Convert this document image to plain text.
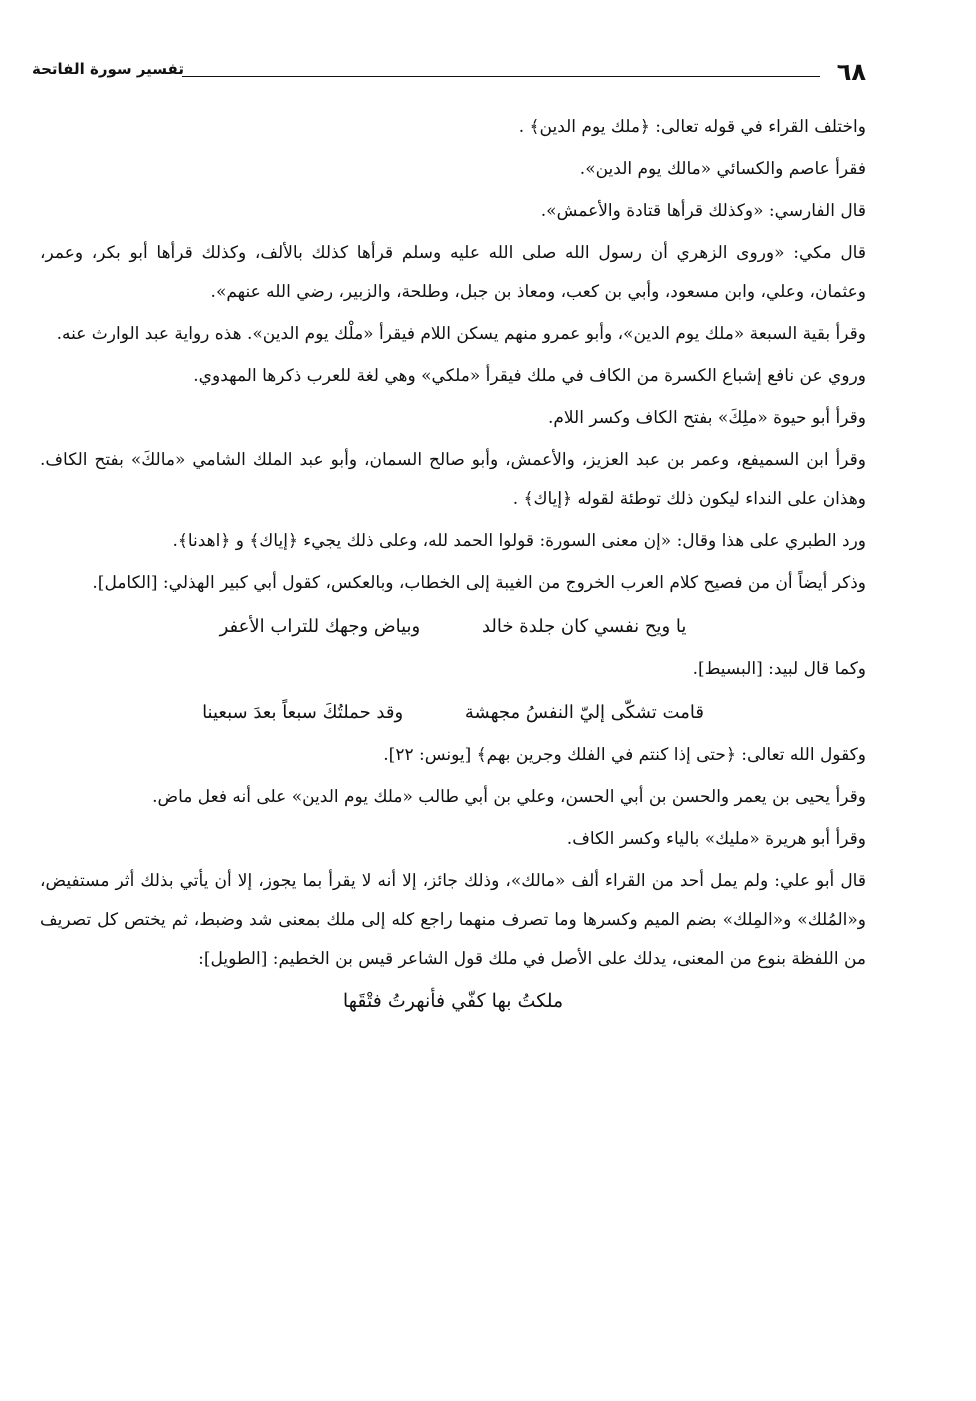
٦٨
تفسير سورة الفاتحة

واختلف القراء في قوله تعالى: ﴿ملك يوم الدين﴾ .

فقرأ عاصم والكسائي «مالك يوم الدين».

قال الفارسي: «وكذلك قرأها قتادة والأعمش».

قال مكي: «وروى الزهري أن رسول الله صلى الله عليه وسلم قرأها كذلك بالألف، وكذلك قرأها أبو بكر، وعمر، وعثمان، وعلي، وابن مسعود، وأبي بن كعب، ومعاذ بن جبل، وطلحة، والزبير، رضي الله عنهم».

وقرأ بقية السبعة «ملك يوم الدين»، وأبو عمرو منهم يسكن اللام فيقرأ «ملْك يوم الدين». هذه رواية عبد الوارث عنه.

وروي عن نافع إشباع الكسرة من الكاف في ملك فيقرأ «ملكي» وهي لغة للعرب ذكرها المهدوي.

وقرأ أبو حيوة «ملِكَ» بفتح الكاف وكسر اللام.

وقرأ ابن السميفع، وعمر بن عبد العزيز، والأعمش، وأبو صالح السمان، وأبو عبد الملك الشامي «مالكَ» بفتح الكاف. وهذان على النداء ليكون ذلك توطئة لقوله ﴿إياك﴾ .

ورد الطبري على هذا وقال: «إن معنى السورة: قولوا الحمد لله، وعلى ذلك يجيء ﴿إياك﴾ و ﴿اهدنا﴾.

وذكر أيضاً أن من فصيح كلام العرب الخروج من الغيبة إلى الخطاب، وبالعكس، كقول أبي كبير الهذلي: [الكامل].

يا ويح نفسي كان جلدة خالد وبياض وجهك للتراب الأعفر

وكما قال لبيد: [البسيط].

قامت تشكّى إليّ النفسُ مجهشة وقد حملتُكَ سبعاً بعدَ سبعينا

وكقول الله تعالى: ﴿حتى إذا كنتم في الفلك وجرين بهم﴾ [يونس: ٢٢].

وقرأ يحيى بن يعمر والحسن بن أبي الحسن، وعلي بن أبي طالب «ملك يوم الدين» على أنه فعل ماض.

وقرأ أبو هريرة «مليك» بالياء وكسر الكاف.

قال أبو علي: ولم يمل أحد من القراء ألف «مالك»، وذلك جائز، إلا أنه لا يقرأ بما يجوز، إلا أن يأتي بذلك أثر مستفيض، و«المُلك» و«المِلك» بضم الميم وكسرها وما تصرف منهما راجع كله إلى ملك بمعنى شد وضبط، ثم يختص كل تصريف من اللفظة بنوع من المعنى، يدلك على الأصل في ملك قول الشاعر قيس بن الخطيم: [الطويل]:

ملكتُ بها كفّي فأنهرتُ فتْقَها
